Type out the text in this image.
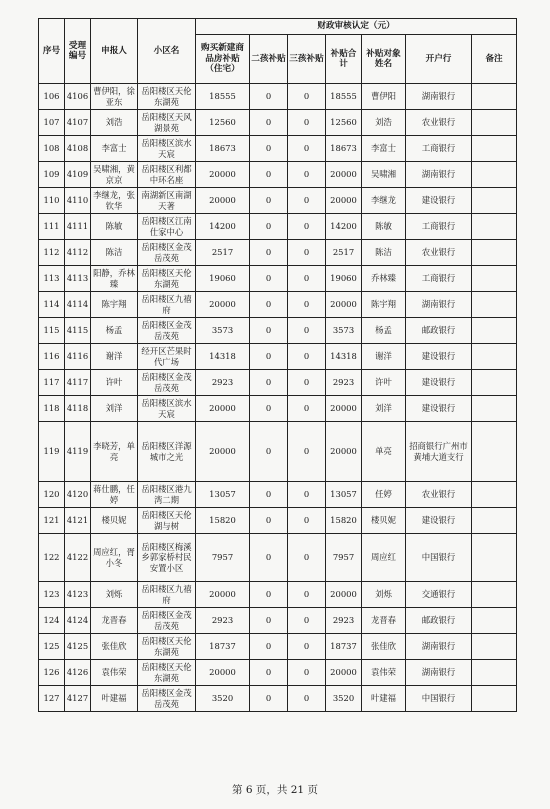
序号	受理编号	申报人	小区名	财政审核认定（元）						
				购买新建商品房补贴（住宅）	二孩补贴	三孩补贴	补贴合计	补贴对象姓名	开户行	备注
106	4106	曹伊阳，徐亚东	岳阳楼区天伦东湖苑	18555	0	0	18555	曹伊阳	湖南银行	
107	4107	刘浩	岳阳楼区天风湖景苑	12560	0	0	12560	刘浩	农业银行	
108	4108	李富士	岳阳楼区滨水天宸	18673	0	0	18673	李富士	工商银行	
109	4109	吴啸湘，黄京京	岳阳楼区利都中环名座	20000	0	0	20000	吴啸湘	湖南银行	
110	4110	李继龙，张钦华	南湖新区南湖天著	20000	0	0	20000	李继龙	建设银行	
111	4111	陈敏	岳阳楼区江南仕家中心	14200	0	0	14200	陈敏	工商银行	
112	4112	陈洁	岳阳楼区金茂岳茂苑	2517	0	0	2517	陈洁	农业银行	
113	4113	阳静，乔林臻	岳阳楼区天伦东湖苑	19060	0	0	19060	乔林臻	工商银行	
114	4114	陈宇翔	岳阳楼区九禧府	20000	0	0	20000	陈宇翔	湖南银行	
115	4115	杨孟	岳阳楼区金茂岳茂苑	3573	0	0	3573	杨孟	邮政银行	
116	4116	谢洋	经开区芒果时代广场	14318	0	0	14318	谢洋	建设银行	
117	4117	许叶	岳阳楼区金茂岳茂苑	2923	0	0	2923	许叶	建设银行	
118	4118	刘洋	岳阳楼区滨水天宸	20000	0	0	20000	刘洋	建设银行	
119	4119	李晓芳，单亮	岳阳楼区洋源城市之光	20000	0	0	20000	单亮	招商银行广州市黄埔大道支行	
120	4120	蒋仕鹏，任婷	岳阳楼区港九湾二期	13057	0	0	13057	任婷	农业银行	
121	4121	楼贝妮	岳阳楼区天伦湖与树	15820	0	0	15820	楼贝妮	建设银行	
122	4122	周应红，胥小冬	岳阳楼区梅溪乡郭家桥村民安置小区	7957	0	0	7957	周应红	中国银行	
123	4123	刘烁	岳阳楼区九禧府	20000	0	0	20000	刘烁	交通银行	
124	4124	龙晋春	岳阳楼区金茂岳茂苑	2923	0	0	2923	龙晋春	邮政银行	
125	4125	张佳欣	岳阳楼区天伦东湖苑	18737	0	0	18737	张佳欣	湖南银行	
126	4126	袁伟荣	岳阳楼区天伦东湖苑	20000	0	0	20000	袁伟荣	湖南银行	
127	4127	叶建福	岳阳楼区金茂岳茂苑	3520	0	0	3520	叶建福	中国银行	
第 6 页，共 21 页
